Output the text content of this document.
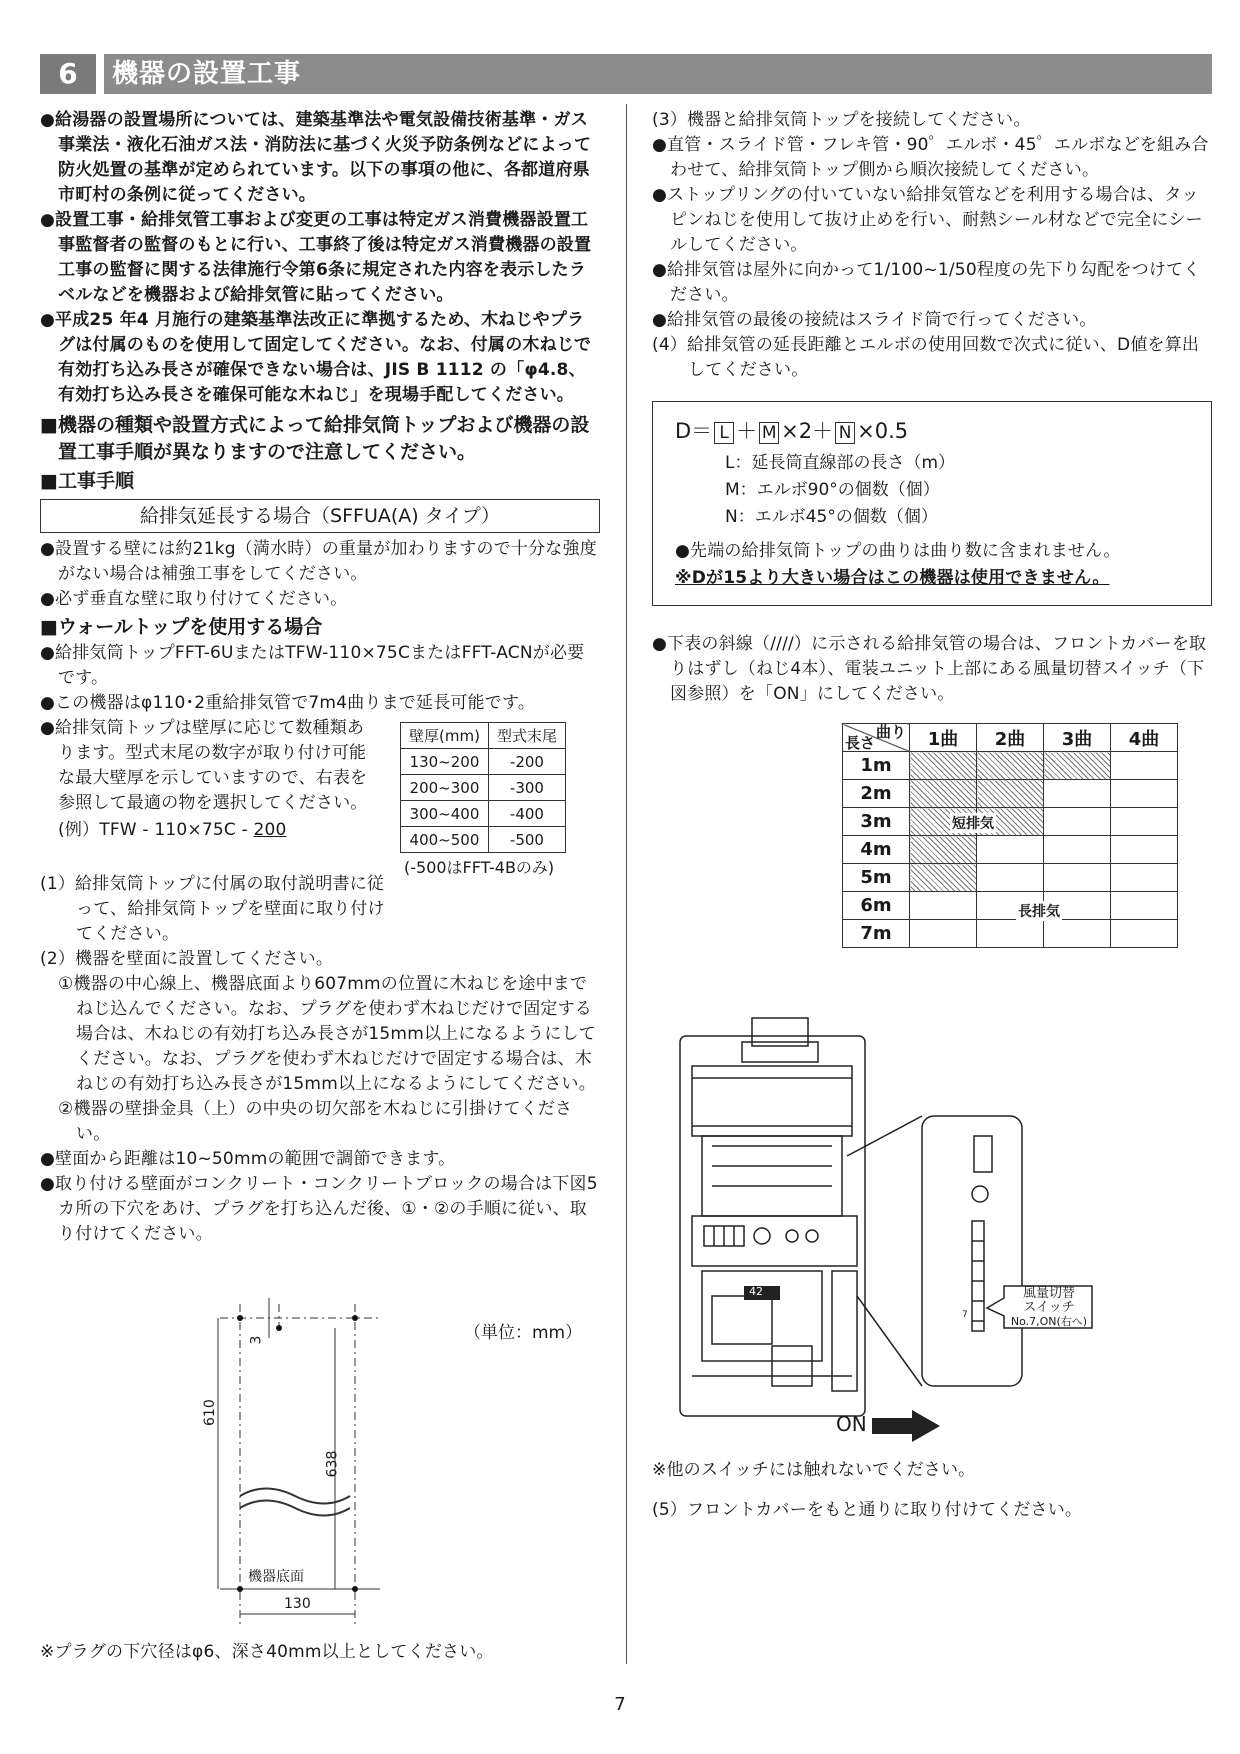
6	機器の設置工事

●給湯器の設置場所については、建築基準法や電気設備技術基準・ガス事業法・液化石油ガス法・消防法に基づく火災予防条例などによって防火処置の基準が定められています。以下の事項の他に、各都道府県市町村の条例に従ってください。

●設置工事・給排気管工事および変更の工事は特定ガス消費機器設置工事監督者の監督のもとに行い、工事終了後は特定ガス消費機器の設置工事の監督に関する法律施行令第6条に規定された内容を表示したラベルなどを機器および給排気管に貼ってください。

●平成25 年4 月施行の建築基準法改正に準拠するため、木ねじやプラグは付属のものを使用して固定してください。なお、付属の木ねじで有効打ち込み長さが確保できない場合は、JIS B 1112 の「φ4.8、有効打ち込み長さを確保可能な木ねじ」を現場手配してください。

■機器の種類や設置方式によって給排気筒トップおよび機器の設置工事手順が異なりますので注意してください。

■工事手順

給排気延長する場合（SFFUA(A) タイプ）

●設置する壁には約21kg（満水時）の重量が加わりますので十分な強度がない場合は補強工事をしてください。

●必ず垂直な壁に取り付けてください。

■ウォールトップを使用する場合

●給排気筒トップFFT-6UまたはTFW-110×75CまたはFFT-ACNが必要です。

●この機器はφ110･2重給排気管で7m4曲りまで延長可能です。

●給排気筒トップは壁厚に応じて数種類あります。型式末尾の数字が取り付け可能な最大壁厚を示していますので、右表を参照して最適の物を選択してください。

(例）TFW - 110×75C - 200

壁厚(mm)	型式末尾
130~200	-200
200~300	-300
300~400	-400
400~500	-500
(-500はFFT-4Bのみ)

(1）給排気筒トップに付属の取付説明書に従って、給排気筒トップを壁面に取り付けてください。

(2）機器を壁面に設置してください。

①機器の中心線上、機器底面より607mmの位置に木ねじを途中までねじ込んでください。なお、プラグを使わず木ねじだけで固定する場合は、木ねじの有効打ち込み長さが15mm以上になるようにしてください。なお、プラグを使わず木ねじだけで固定する場合は、木ねじの有効打ち込み長さが15mm以上になるようにしてください。

②機器の壁掛金具（上）の中央の切欠部を木ねじに引掛けてください。

●壁面から距離は10~50mmの範囲で調節できます。

●取り付ける壁面がコンクリート・コンクリートブロックの場合は下図5カ所の下穴をあけ、プラグを打ち込んだ後、①・②の手順に従い、取り付けてください。

（単位：mm）
3
610
638
機器底面
130
※プラグの下穴径はφ6、深さ40mm以上としてください。

(3）機器と給排気筒トップを接続してください。

●直管・スライド管・フレキ管・90゜エルボ・45゜エルボなどを組み合わせて、給排気筒トップ側から順次接続してください。

●ストップリングの付いていない給排気管などを利用する場合は、タッピンねじを使用して抜け止めを行い、耐熱シール材などで完全にシールしてください。

●給排気管は屋外に向かって1/100~1/50程度の先下り勾配をつけてください。

●給排気管の最後の接続はスライド筒で行ってください。

(4）給排気管の延長距離とエルボの使用回数で次式に従い、D値を算出してください。

D＝ L ＋ M ×2＋ N ×0.5
L：延長筒直線部の長さ（m）
M：エルボ90°の個数（個）
N：エルボ45°の個数（個）
●先端の給排気筒トップの曲りは曲り数に含まれません。
※Dが15より大きい場合はこの機器は使用できません。

●下表の斜線（////）に示される給排気管の場合は、フロントカバーを取りはずし（ねじ4本）、電装ユニット上部にある風量切替スイッチ（下図参照）を「ON」にしてください。

曲り
長さ	1曲	2曲	3曲	4曲
1m				
2m				
3m				
4m				
5m				
6m				
7m				
短排気
長排気
42
7
風量切替
スイッチ
No.7,ON(右へ)
ON
※他のスイッチには触れないでください。
(5）フロントカバーをもと通りに取り付けてください。
7
